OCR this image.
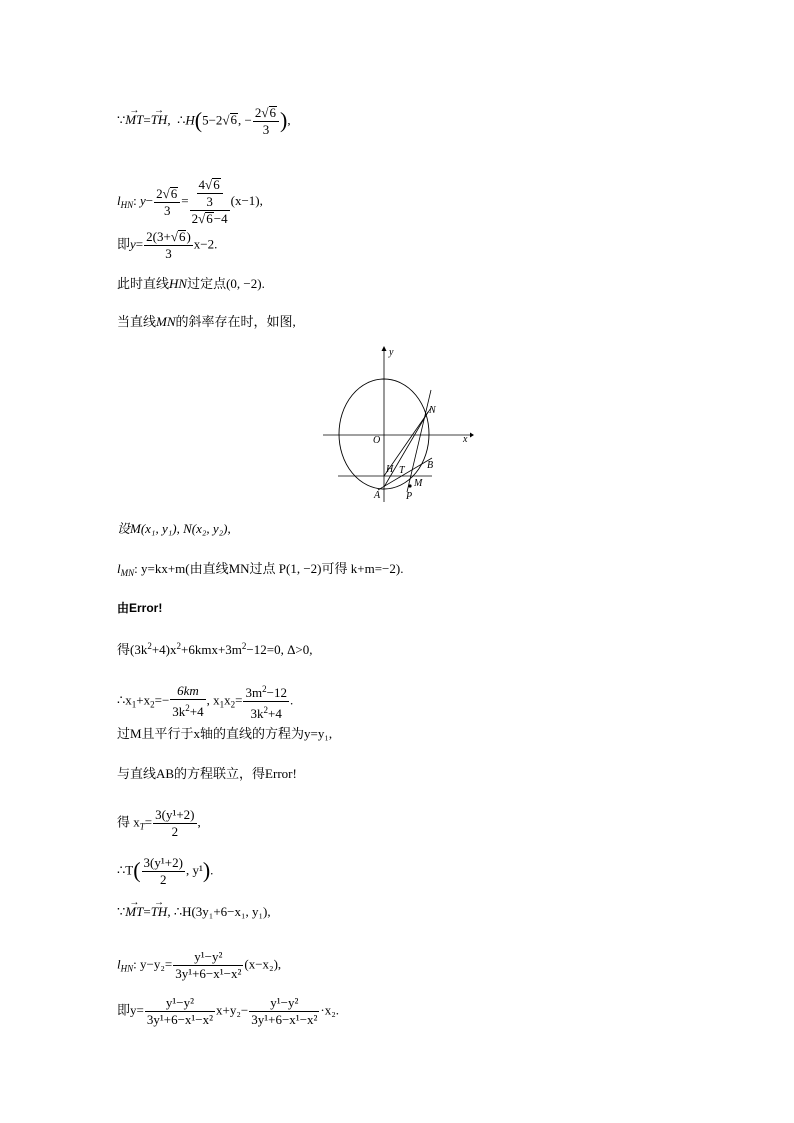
∵→ MT=→ TH,  ∴H(5−2√6, − $\frac{2√6}{3}$ ),
$l_{HN}$: $y- \frac{2√6}{3} = \frac{\frac{4√6}{3}}{2√6-4} (x-1)$,
即$y= \frac{2(3+√6)}{3} x-2$.
此时直线HN过定点(0, −2).
当直线MN的斜率存在时，如图,
y
x
O
N
B
H T
M
A	P
设M(x₁, y₁), N(x₂, y₂),
$l_{MN}$: y=kx+m(由直线MN过点 P(1, −2)可得 k+m=−2).
由Error!
得$(3k^2+4)x^2+6kmx+3m^2-12=0$, Δ>0,
$\therefore x_1+x_2=- \frac{6km}{3k^2+4}$ , $x_1x_2= \frac{3m^2-12}{3k^2+4}$ .
过M且平行于x轴的直线的方程为y=y₁,
与直线AB的方程联立，得Error!
得 $x_T= \frac{\text{3(y¹+2)}}{2}$ ,
∴T( $\frac{\text{3(y¹+2)}}{2}$ , y¹).
∵→ MT=→ TH, ∴H(3y₁+6−x₁, y₁),
$l_{HN}$: $y-y_2= \frac{\text{y¹−y²}}{\text{3y¹+6−x¹−x²}} (x-x_2)$,
即$y= \frac{\text{y¹−y²}}{\text{3y¹+6−x¹−x²}} x+y_2- \frac{\text{y¹−y²}}{\text{3y¹+6−x¹−x²}} \cdot x_2$.
